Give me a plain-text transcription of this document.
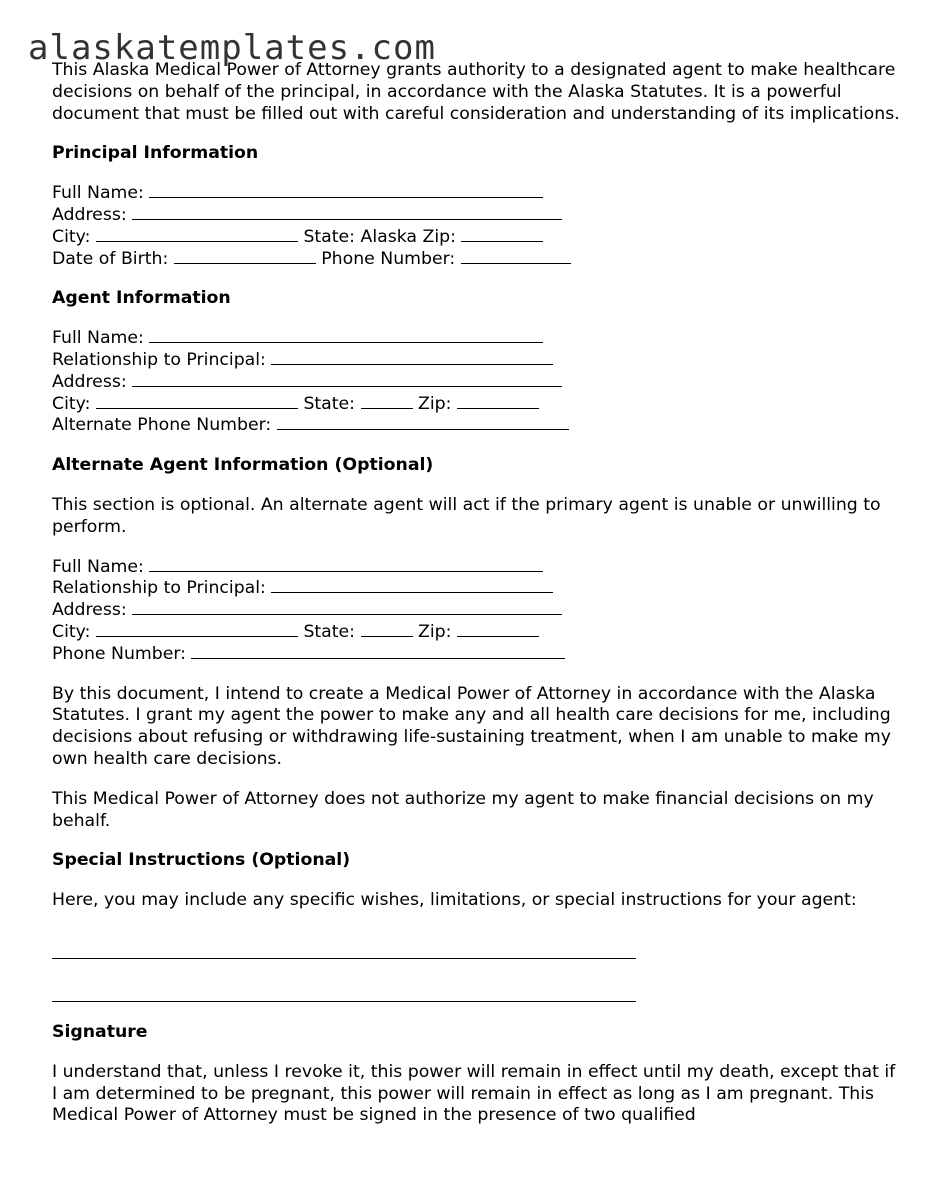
alaskatemplates.com

This Alaska Medical Power of Attorney grants authority to a designated agent to make healthcare decisions on behalf of the principal, in accordance with the Alaska Statutes. It is a powerful document that must be filled out with careful consideration and understanding of its implications.

Principal Information

Full Name:
Address:
City:	State: Alaska Zip:
Date of Birth:	Phone Number:

Agent Information

Full Name:
Relationship to Principal:
Address:
City:	State:	Zip:
Alternate Phone Number:

Alternate Agent Information (Optional)

This section is optional. An alternate agent will act if the primary agent is unable or unwilling to perform.

Full Name:
Relationship to Principal:
Address:
City:	State:	Zip:
Phone Number:

By this document, I intend to create a Medical Power of Attorney in accordance with the Alaska Statutes. I grant my agent the power to make any and all health care decisions for me, including decisions about refusing or withdrawing life-sustaining treatment, when I am unable to make my own health care decisions.

This Medical Power of Attorney does not authorize my agent to make financial decisions on my behalf.

Special Instructions (Optional)

Here, you may include any specific wishes, limitations, or special instructions for your agent:

Signature

I understand that, unless I revoke it, this power will remain in effect until my death, except that if I am determined to be pregnant, this power will remain in effect as long as I am pregnant. This Medical Power of Attorney must be signed in the presence of two qualified
